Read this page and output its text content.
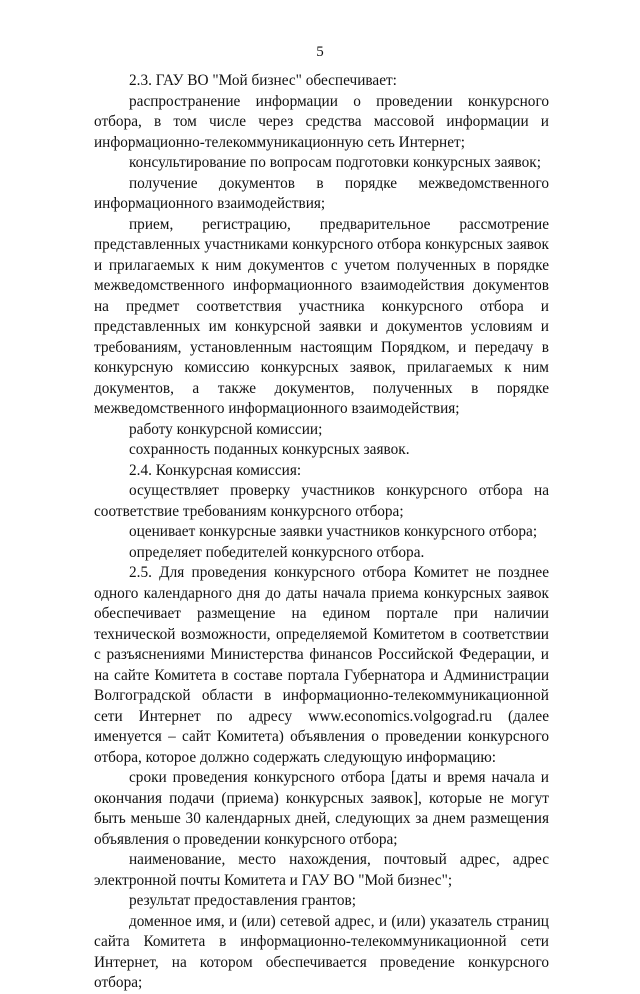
5

2.3. ГАУ ВО "Мой бизнес" обеспечивает:

распространение информации о проведении конкурсного отбора, в том числе через средства массовой информации и информационно-телекоммуникационную сеть Интернет;

консультирование по вопросам подготовки конкурсных заявок;

получение документов в порядке межведомственного информационного взаимодействия;

прием, регистрацию, предварительное рассмотрение представленных участниками конкурсного отбора конкурсных заявок и прилагаемых к ним документов с учетом полученных в порядке межведомственного информационного взаимодействия документов на предмет соответствия участника конкурсного отбора и представленных им конкурсной заявки и документов условиям и требованиям, установленным настоящим Порядком, и передачу в конкурсную комиссию конкурсных заявок, прилагаемых к ним документов, а также документов, полученных в порядке межведомственного информационного взаимодействия;

работу конкурсной комиссии;

сохранность поданных конкурсных заявок.

2.4. Конкурсная комиссия:

осуществляет проверку участников конкурсного отбора на соответствие требованиям конкурсного отбора;

оценивает конкурсные заявки участников конкурсного отбора;

определяет победителей конкурсного отбора.

2.5. Для проведения конкурсного отбора Комитет не позднее одного календарного дня до даты начала приема конкурсных заявок обеспечивает размещение на едином портале при наличии технической возможности, определяемой Комитетом в соответствии с разъяснениями Министерства финансов Российской Федерации, и на сайте Комитета в составе портала Губернатора и Администрации Волгоградской области в информационно-телекоммуникационной сети Интернет по адресу www.economics.volgograd.ru (далее именуется – сайт Комитета) объявления о проведении конкурсного отбора, которое должно содержать следующую информацию:

сроки проведения конкурсного отбора [даты и время начала и окончания подачи (приема) конкурсных заявок], которые не могут быть меньше 30 календарных дней, следующих за днем размещения объявления о проведении конкурсного отбора;

наименование, место нахождения, почтовый адрес, адрес электронной почты Комитета и ГАУ ВО "Мой бизнес";

результат предоставления грантов;

доменное имя, и (или) сетевой адрес, и (или) указатель страниц сайта Комитета в информационно-телекоммуникационной сети Интернет, на котором обеспечивается проведение конкурсного отбора;
